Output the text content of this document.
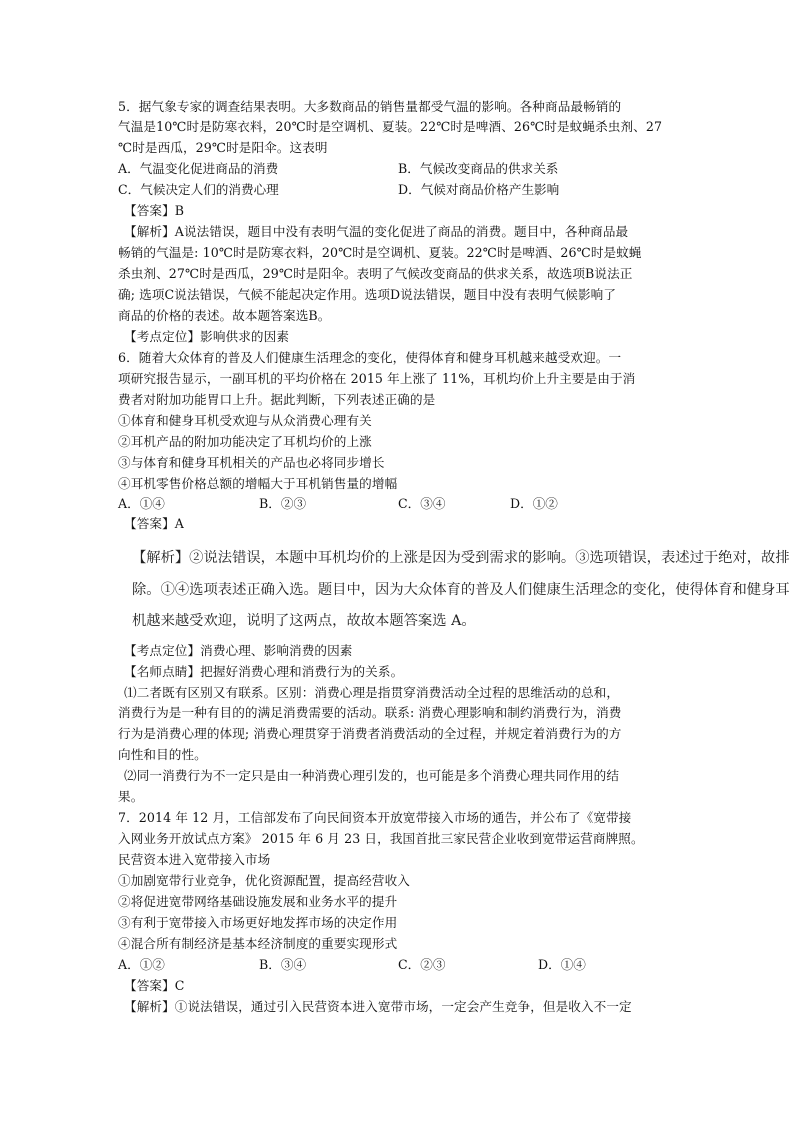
5．据气象专家的调查结果表明。大多数商品的销售量都受气温的影响。各种商品最畅销的
气温是10℃时是防寒衣料，20℃时是空调机、夏装。22℃时是啤酒、26℃时是蚊蝇杀虫剂、27
℃时是西瓜，29℃时是阳伞。这表明
A．气温变化促进商品的消费	B．气候改变商品的供求关系
C．气候决定人们的消费心理	D．气候对商品价格产生影响
【答案】B
【解析】A说法错误，题目中没有表明气温的变化促进了商品的消费。题目中，各种商品最
畅销的气温是: 10℃时是防寒衣料，20℃时是空调机、夏装。22℃时是啤酒、26℃时是蚊蝇
杀虫剂、27℃时是西瓜，29℃时是阳伞。表明了气候改变商品的供求关系，故选项B说法正
确; 选项C说法错误，气候不能起决定作用。选项D说法错误，题目中没有表明气候影响了
商品的价格的表述。故本题答案选B。
【考点定位】影响供求的因素
6．随着大众体育的普及人们健康生活理念的变化，使得体育和健身耳机越来越受欢迎。一
项研究报告显示，一副耳机的平均价格在 2015 年上涨了 11%，耳机均价上升主要是由于消
费者对附加功能胃口上升。据此判断，下列表述正确的是
①体育和健身耳机受欢迎与从众消费心理有关
②耳机产品的附加功能决定了耳机均价的上涨
③与体育和健身耳机相关的产品也必将同步增长
④耳机零售价格总额的增幅大于耳机销售量的增幅
A．①④	B．②③	C．③④	D．①②
【答案】A
【解析】②说法错误，本题中耳机均价的上涨是因为受到需求的影响。③选项错误，表述过于绝对，故排
除。①④选项表述正确入选。题目中，因为大众体育的普及人们健康生活理念的变化，使得体育和健身耳
机越来越受欢迎，说明了这两点，故故本题答案选 A。
【考点定位】消费心理、影响消费的因素
【名师点睛】把握好消费心理和消费行为的关系。
⑴二者既有区别又有联系。区别：消费心理是指贯穿消费活动全过程的思维活动的总和，
消费行为是一种有目的的满足消费需要的活动。联系: 消费心理影响和制约消费行为，消费
行为是消费心理的体现; 消费心理贯穿于消费者消费活动的全过程，并规定着消费行为的方
向性和目的性。
⑵同一消费行为不一定只是由一种消费心理引发的，也可能是多个消费心理共同作用的结
果。
7．2014 年 12 月，工信部发布了向民间资本开放宽带接入市场的通告，并公布了《宽带接
入网业务开放试点方案》 2015 年 6 月 23 日，我国首批三家民营企业收到宽带运营商牌照。
民营资本进入宽带接入市场
①加剧宽带行业竞争，优化资源配置，提高经营收入
②将促进宽带网络基础设施发展和业务水平的提升
③有利于宽带接入市场更好地发挥市场的决定作用
④混合所有制经济是基本经济制度的重要实现形式
A．①②	B．③④	C．②③	D．①④
【答案】C
【解析】①说法错误，通过引入民营资本进入宽带市场，一定会产生竞争，但是收入不一定
